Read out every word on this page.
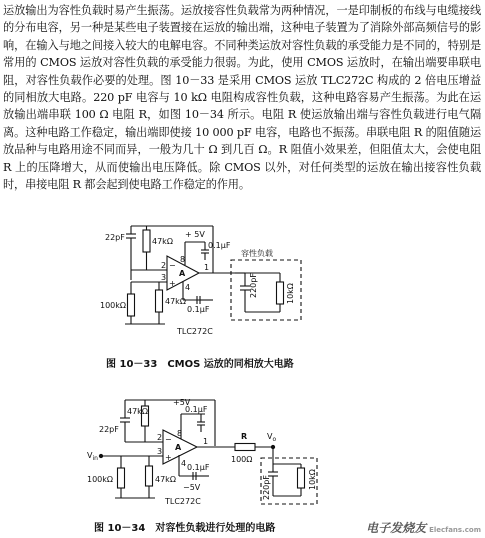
运放输出为容性负载时易产生振荡。运放接容性负载常为两种情况，一是印制板的布线与电缆接线的分布电容，另一种是某些电子装置接在运放的输出端，这种电子装置为了消除外部高频信号的影响，在输入与地之间接入较大的电解电容。不同种类运放对容性负载的承受能力是不同的，特别是常用的 CMOS 运放对容性负载的承受能力很弱。为此，使用 CMOS 运放时，在输出端要串联电阻，对容性负载作必要的处理。图 10－33 是采用 CMOS 运放 TLC272C 构成的 2 倍电压增益的同相放大电路。220 pF 电容与 10 kΩ 电阻构成容性负载，这种电路容易产生振荡。为此在运放输出端串联 100 Ω 电阻 R，如图 10－34 所示。电阻 R 使运放输出端与容性负载进行电气隔离。这种电路工作稳定，输出端即使接 10 000 pF 电容，电路也不振荡。串联电阻 R 的阻值随运放品种与电路用途不同而异，一般为几十 Ω 到几百 Ω。R 阻值小效果差，但阻值太大，会使电阻 R 上的压降增大，从而使输出电压降低。除 CMOS 以外，对任何类型的运放在输出接容性负载时，串接电阻 R 都会起到使电路工作稳定的作用。
22pF	47kΩ
+ 5V
0.1μF
2
3
8
4
1
A
−
+
100kΩ	47kΩ
0.1μF
容性负载
220pF	10kΩ
TLC272C
图 10－33　CMOS 运放的同相放大电路
+5V
47kΩ	0.1μF
22pF
2
3
8
4
1
A
−
+
$V_{in}$
100kΩ	47kΩ
0.1μF
−5V
TLC272C
R $V_o$
100Ω
220pF	10kΩ
图 10－34　对容性负载进行处理的电路	电子发烧友 Elecfans.com
